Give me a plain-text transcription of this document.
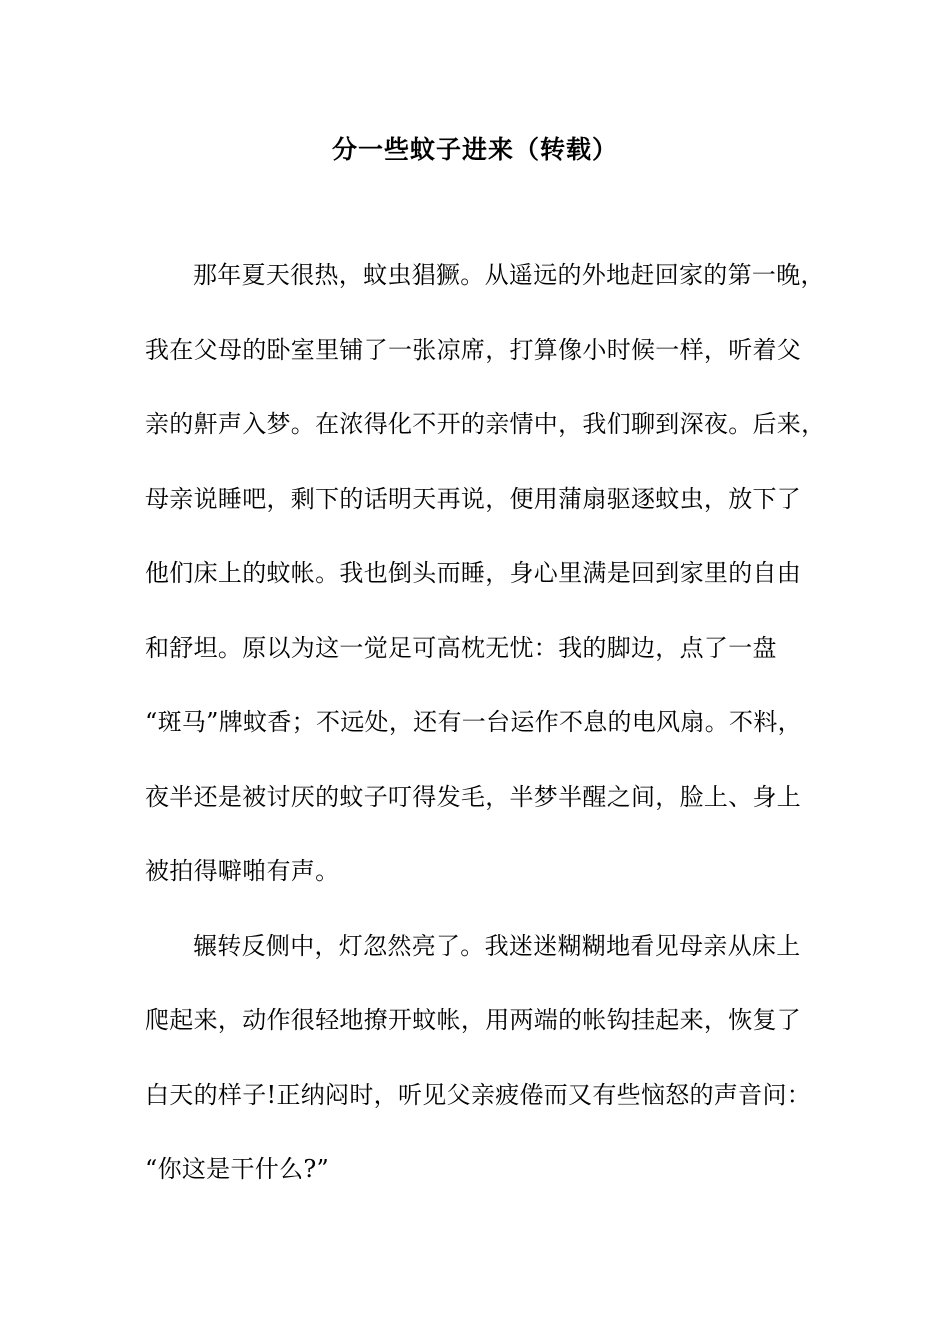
分一些蚊子进来（转载）

那年夏天很热，蚊虫猖獗。从遥远的外地赶回家的第一晚，

我在父母的卧室里铺了一张凉席，打算像小时候一样，听着父

亲的鼾声入梦。在浓得化不开的亲情中，我们聊到深夜。后来，

母亲说睡吧，剩下的话明天再说，便用蒲扇驱逐蚊虫，放下了

他们床上的蚊帐。我也倒头而睡，身心里满是回到家里的自由

和舒坦。原以为这一觉足可高枕无忧：我的脚边，点了一盘

“斑马”牌蚊香；不远处，还有一台运作不息的电风扇。不料，

夜半还是被讨厌的蚊子叮得发毛，半梦半醒之间，脸上、身上

被拍得噼啪有声。

辗转反侧中，灯忽然亮了。我迷迷糊糊地看见母亲从床上

爬起来，动作很轻地撩开蚊帐，用两端的帐钩挂起来，恢复了

白天的样子!正纳闷时，听见父亲疲倦而又有些恼怒的声音问：

“你这是干什么?”
